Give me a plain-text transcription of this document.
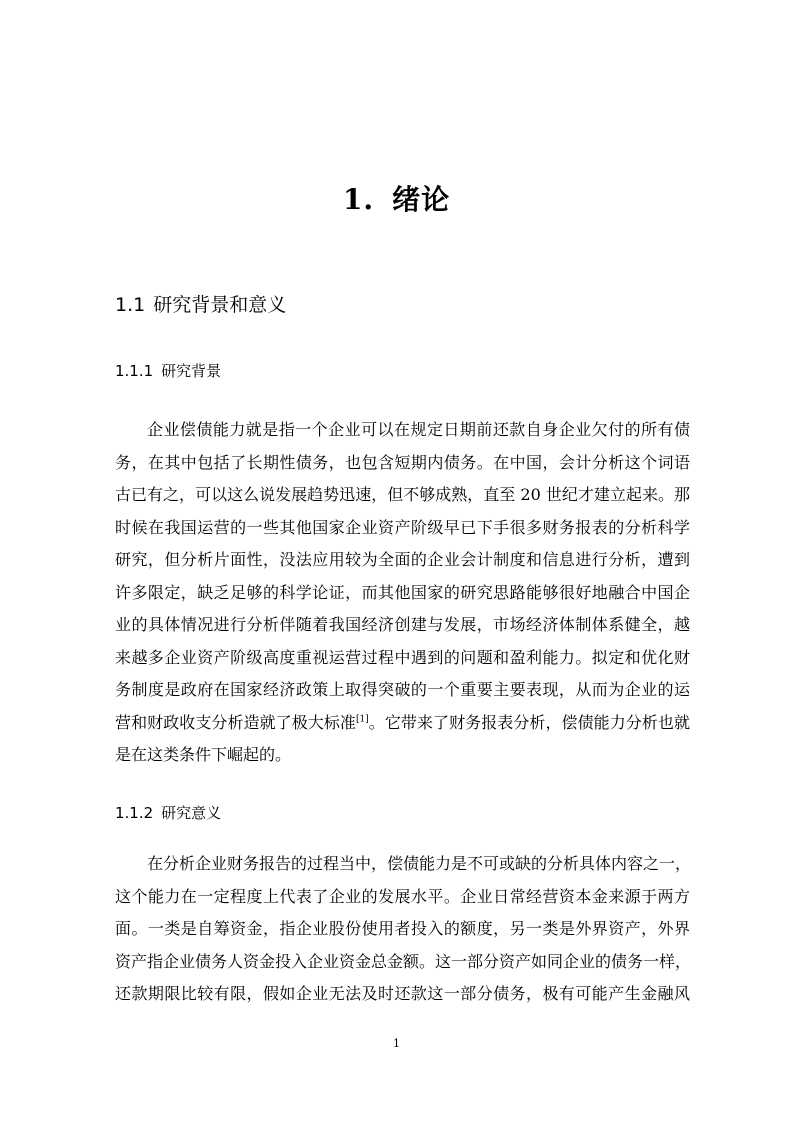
1. 绪论
1.1 研究背景和意义
1.1.1 研究背景

企业偿债能力就是指一个企业可以在规定日期前还款自身企业欠付的所有债
务，在其中包括了长期性债务，也包含短期内债务。在中国，会计分析这个词语
古已有之，可以这么说发展趋势迅速，但不够成熟，直至 20 世纪才建立起来。那
时候在我国运营的一些其他国家企业资产阶级早已下手很多财务报表的分析科学
研究，但分析片面性，没法应用较为全面的企业会计制度和信息进行分析，遭到
许多限定，缺乏足够的科学论证，而其他国家的研究思路能够很好地融合中国企
业的具体情况进行分析伴随着我国经济创建与发展，市场经济体制体系健全，越
来越多企业资产阶级高度重视运营过程中遇到的问题和盈利能力。拟定和优化财
务制度是政府在国家经济政策上取得突破的一个重要主要表现，从而为企业的运
营和财政收支分析造就了极大标准[1]。它带来了财务报表分析，偿债能力分析也就
是在这类条件下崛起的。

1.1.2 研究意义

在分析企业财务报告的过程当中，偿债能力是不可或缺的分析具体内容之一，
这个能力在一定程度上代表了企业的发展水平。企业日常经营资本金来源于两方
面。一类是自筹资金，指企业股份使用者投入的额度，另一类是外界资产，外界
资产指企业债务人资金投入企业资金总金额。这一部分资产如同企业的债务一样，
还款期限比较有限，假如企业无法及时还款这一部分债务，极有可能产生金融风

1
